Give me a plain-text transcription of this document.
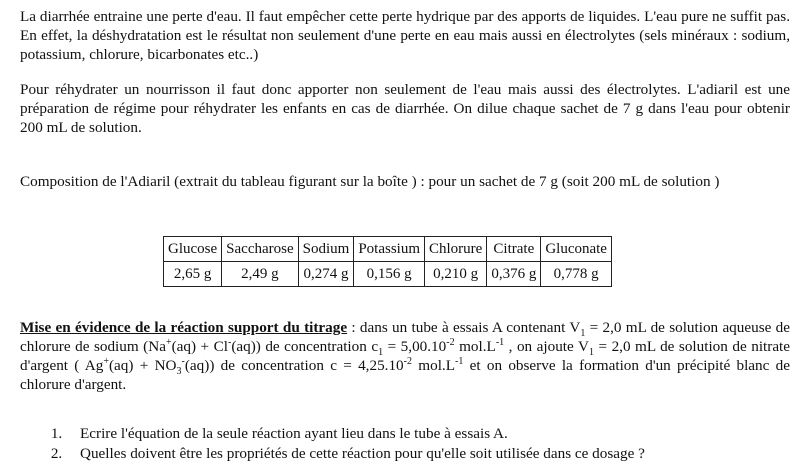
La diarrhée entraine une perte d'eau. Il faut empêcher cette perte hydrique par des apports de liquides. L'eau pure ne suffit pas. En effet, la déshydratation est le résultat non seulement d'une perte en eau mais aussi en électrolytes (sels minéraux : sodium, potassium, chlorure, bicarbonates etc..)

Pour réhydrater un nourrisson il faut donc apporter non seulement de l'eau mais aussi des électrolytes. L'adiaril est une préparation de régime pour réhydrater les enfants en cas de diarrhée. On dilue chaque sachet de 7 g dans l'eau pour obtenir 200 mL de solution.

Composition de l'Adiaril (extrait du tableau figurant sur la boîte ) : pour un sachet de 7 g (soit 200 mL de solution )

Glucose	Saccharose	Sodium	Potassium	Chlorure	Citrate	Gluconate
2,65 g	2,49 g	0,274 g	0,156 g	0,210 g	0,376 g	0,778 g

Mise en évidence de la réaction support du titrage : dans un tube à essais A contenant $V_1 = 2,0$ mL de solution aqueuse de chlorure de sodium (Na+(aq) + Cl-(aq)) de concentration $c_1 = 5,00.10^{-2}$ $mol.L^{-1}$ , on ajoute $V_1 = 2,0$ mL de solution de nitrate d'argent ( $Ag^+(aq) + NO_3^-(aq)$) de concentration $c = 4,25.10^{-2}$ $mol.L^{-1}$ et on observe la formation d'un précipité blanc de chlorure d'argent.

1. Ecrire l'équation de la seule réaction ayant lieu dans le tube à essais A.
2. Quelles doivent être les propriétés de cette réaction pour qu'elle soit utilisée dans ce dosage ?
